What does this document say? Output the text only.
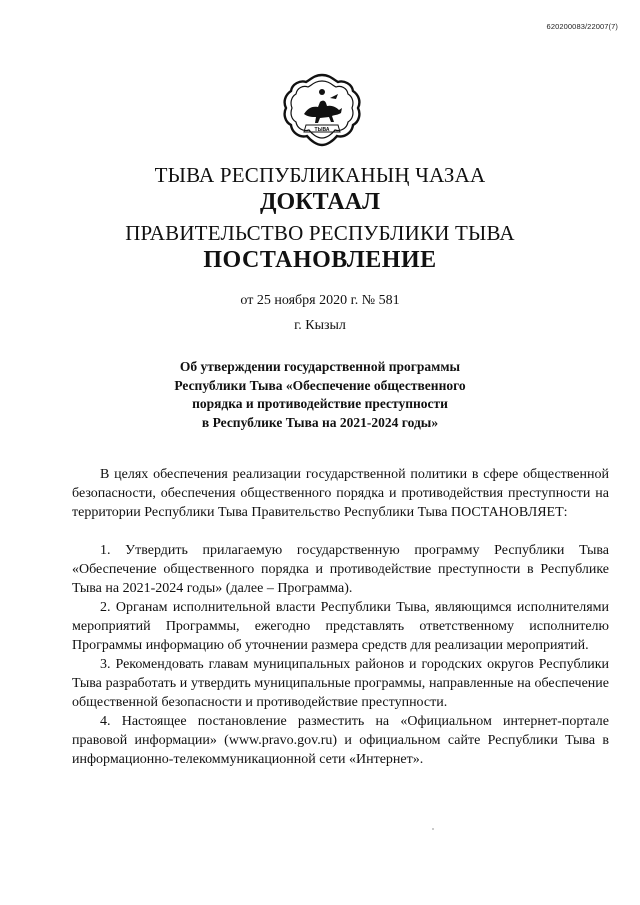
620200083/22007(7)
ТЫВА
ТЫВА РЕСПУБЛИКАНЫҢ ЧАЗАА
ДОКТААЛ
ПРАВИТЕЛЬСТВО РЕСПУБЛИКИ ТЫВА
ПОСТАНОВЛЕНИЕ
от 25 ноября 2020 г. № 581
г. Кызыл
Об утверждении государственной программы
Республики Тыва «Обеспечение общественного
порядка и противодействие преступности
в Республике Тыва на 2021-2024 годы»

В целях обеспечения реализации государственной политики в сфере общественной безопасности, обеспечения общественного порядка и противодействия преступности на территории Республики Тыва Правительство Республики Тыва ПОСТАНОВЛЯЕТ:

1. Утвердить прилагаемую государственную программу Республики Тыва «Обеспечение общественного порядка и противодействие преступности в Республике Тыва на 2021-2024 годы» (далее – Программа).

2. Органам исполнительной власти Республики Тыва, являющимся исполнителями мероприятий Программы, ежегодно представлять ответственному исполнителю Программы информацию об уточнении размера средств для реализации мероприятий.

3. Рекомендовать главам муниципальных районов и городских округов Республики Тыва разработать и утвердить муниципальные программы, направленные на обеспечение общественной безопасности и противодействие преступности.

4. Настоящее постановление разместить на «Официальном интернет-портале правовой информации» (www.pravo.gov.ru) и официальном сайте Республики Тыва в информационно-телекоммуникационной сети «Интернет».
